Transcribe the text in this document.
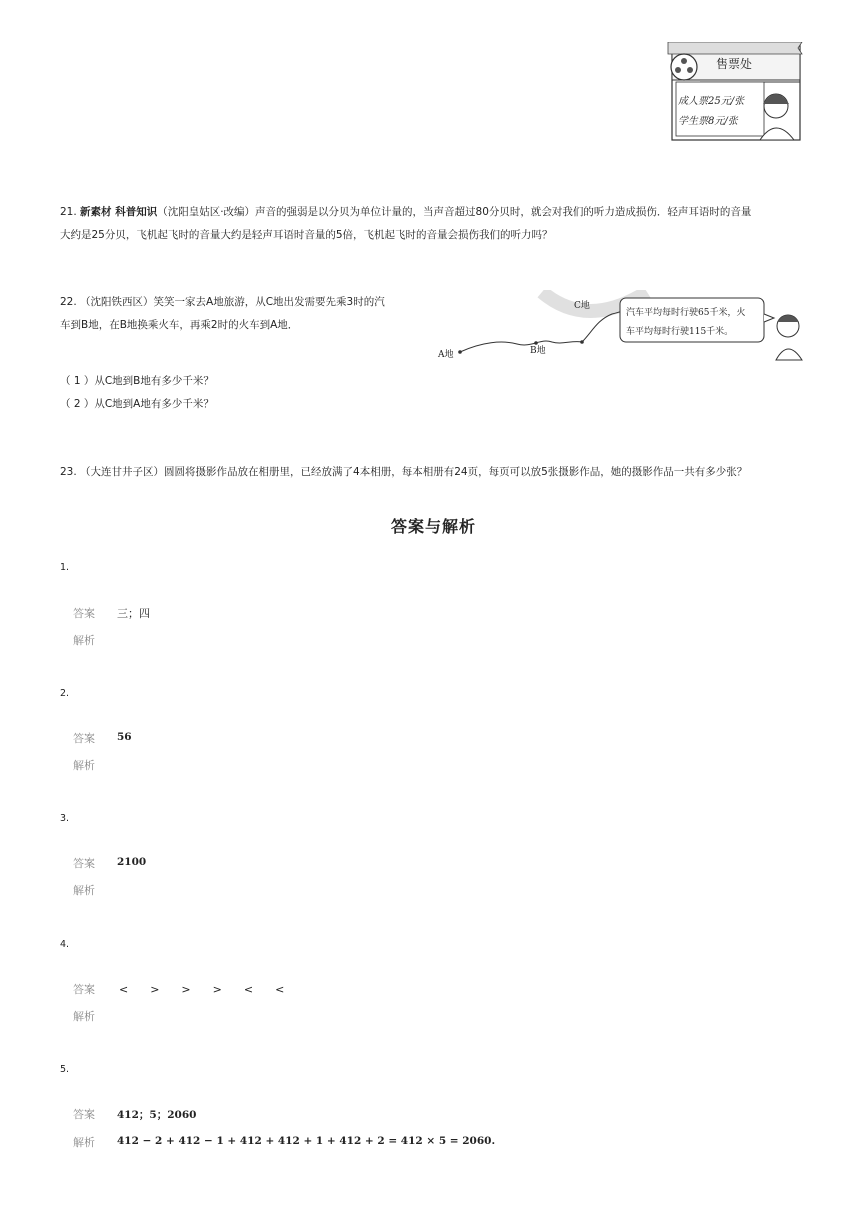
售票处
成人票25元/张
学生票8元/张
21. 新素材 科普知识（沈阳皇姑区·改编）声音的强弱是以分贝为单位计量的，当声音超过80分贝时，就会对我们的听力造成损伤．轻声耳语时的音量
大约是25分贝，飞机起飞时的音量大约是轻声耳语时音量的5倍，飞机起飞时的音量会损伤我们的听力吗？
22. （沈阳铁西区）笑笑一家去A地旅游，从C地出发需要先乘3时的汽
车到B地，在B地换乘火车，再乘2时的火车到A地．
A地	B地
C地
汽车平均每时行驶65千米，火
车平均每时行驶115千米。
（ 1 ）从C地到B地有多少千米？
（ 2 ）从C地到A地有多少千米？
23. （大连甘井子区）圆圆将摄影作品放在相册里，已经放满了4本相册，每本相册有24页，每页可以放5张摄影作品，她的摄影作品一共有多少张？
答案与解析
1.
答案 三；四
解析
2.
答案 56
解析
3.
答案 2100
解析
4.
答案 <　　>　　>　　>　　<　　<
解析
5.
答案 412；5；2060
解析 412 − 2 + 412 − 1 + 412 + 412 + 1 + 412 + 2 = 412 × 5 = 2060.
